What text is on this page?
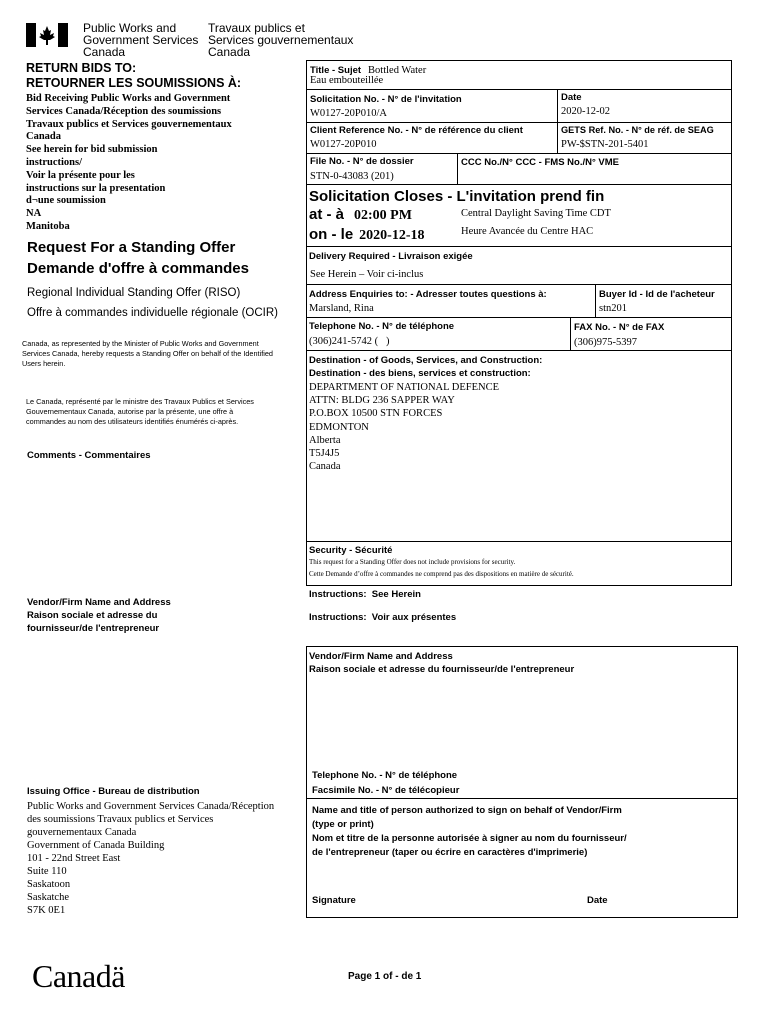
Public Works and
Government Services
Canada
Travaux publics et
Services gouvernementaux
Canada
RETURN BIDS TO:
RETOURNER LES SOUMISSIONS À:
Bid Receiving Public Works and Government
Services Canada/Réception des soumissions
Travaux publics et Services gouvernementaux
Canada
See herein for bid submission
instructions/
Voir la présente pour les
instructions sur la presentation
d¬une soumission
NA
Manitoba
Request For a Standing Offer
Demande d'offre à commandes
Regional Individual Standing Offer (RISO)
Offre à commandes individuelle régionale (OCIR)
Canada, as represented by the Minister of Public Works and Government Services Canada, hereby requests a Standing Offer on behalf of the Identified Users herein.
Le Canada, représenté par le ministre des Travaux Publics et Services Gouvernementaux Canada, autorise par la présente, une offre à commandes au nom des utilisateurs identifiés énumérés ci-après.
Comments - Commentaires
Vendor/Firm Name and Address
Raison sociale et adresse du
fournisseur/de l'entrepreneur
Issuing Office - Bureau de distribution
Public Works and Government Services Canada/Réception
des soumissions Travaux publics et Services
gouvernementaux Canada
Government of Canada Building
101 - 22nd Street East
Suite 110
Saskatoon
Saskatche
S7K 0E1
Title - Sujet Bottled Water
Eau embouteillée
Solicitation No. - N° de l'invitation
W0127-20P010/A
Date
2020-12-02
Client Reference No. - N° de référence du client
W0127-20P010
GETS Ref. No. - N° de réf. de SEAG
PW-$STN-201-5401
File No. - N° de dossier
STN-0-43083 (201)
CCC No./N° CCC - FMS No./N° VME
Solicitation Closes - L'invitation prend fin
at - à 02:00 PM
on - le 2020-12-18
Central Daylight Saving Time CDT
Heure Avancée du Centre HAC
Delivery Required - Livraison exigée
See Herein – Voir ci-inclus
Address Enquiries to: - Adresser toutes questions à:
Marsland, Rina
Buyer Id - Id de l'acheteur
stn201
Telephone No. - N° de téléphone
(306)241-5742 (   )
FAX No. - N° de FAX
(306)975-5397
Destination - of Goods, Services, and Construction:
Destination - des biens, services et construction:
DEPARTMENT OF NATIONAL DEFENCE
ATTN: BLDG 236 SAPPER WAY
P.O.BOX 10500 STN FORCES
EDMONTON
Alberta
T5J4J5
Canada
Security - Sécurité
This request for a Standing Offer does not include provisions for security.
Cette Demande d’offre à commandes ne comprend pas des dispositions en matière de sécurité.
Instructions:  See Herein
Instructions:  Voir aux présentes
Vendor/Firm Name and Address
Raison sociale et adresse du fournisseur/de l'entrepreneur
Telephone No. - N° de téléphone
Facsimile No. - N° de télécopieur
Name and title of person authorized to sign on behalf of Vendor/Firm
(type or print)
Nom et titre de la personne autorisée à signer au nom du fournisseur/
de l'entrepreneur (taper ou écrire en caractères d'imprimerie)
Signature	Date
Canadä	Page 1 of - de 1
